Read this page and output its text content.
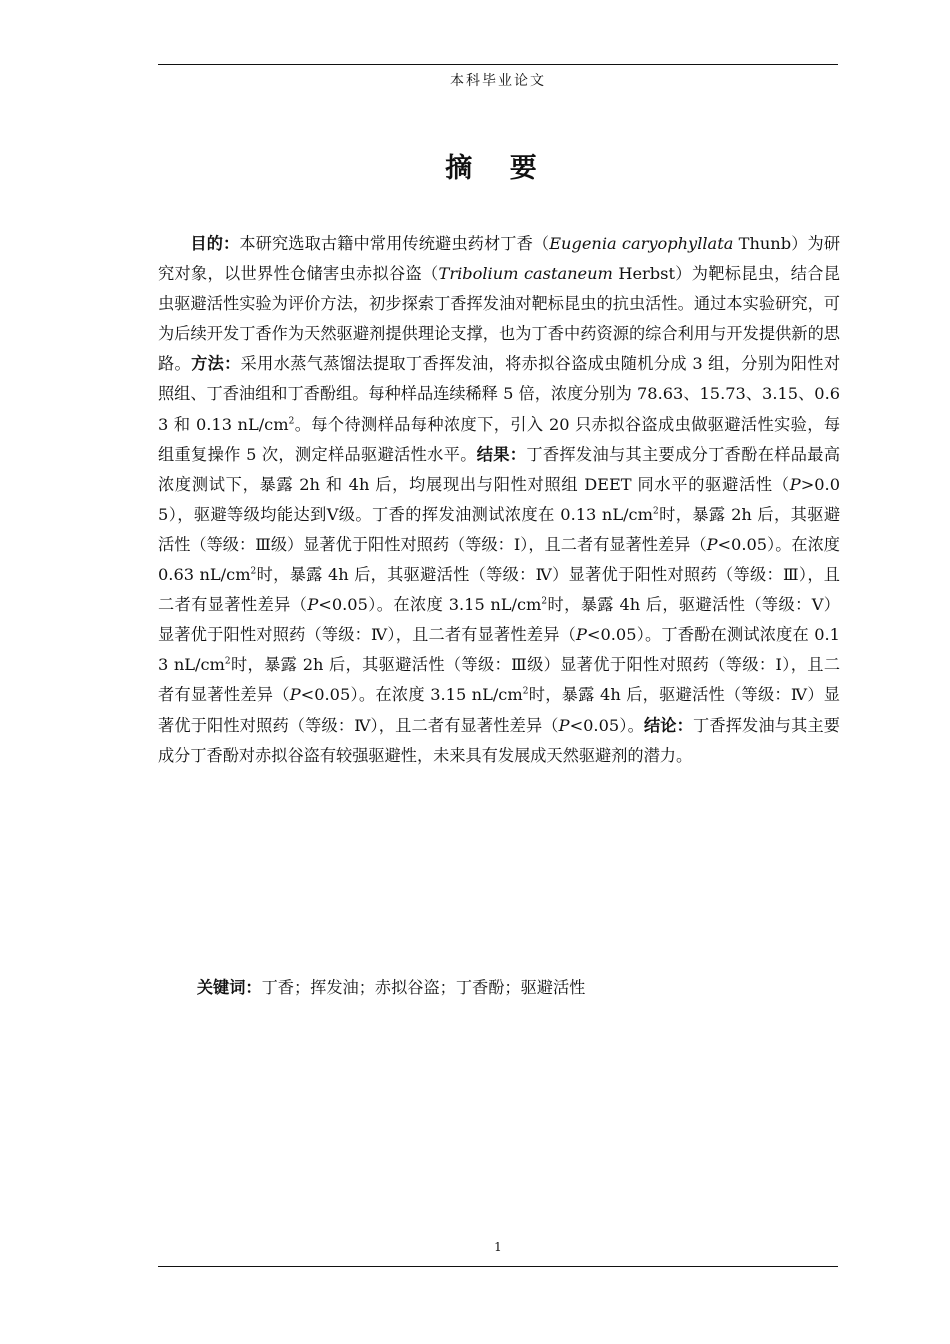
本科毕业论文
摘 要

目的：本研究选取古籍中常用传统避虫药材丁香（Eugenia caryophyllata Thunb）为研究对象，以世界性仓储害虫赤拟谷盗（Tribolium castaneum Herbst）为靶标昆虫，结合昆虫驱避活性实验为评价方法，初步探索丁香挥发油对靶标昆虫的抗虫活性。通过本实验研究，可为后续开发丁香作为天然驱避剂提供理论支撑，也为丁香中药资源的综合利用与开发提供新的思路。方法：采用水蒸气蒸馏法提取丁香挥发油，将赤拟谷盗成虫随机分成 3 组，分别为阳性对照组、丁香油组和丁香酚组。每种样品连续稀释 5 倍，浓度分别为 78.63、15.73、3.15、0.63 和 0.13 $nL/cm^2$。每个待测样品每种浓度下，引入 20 只赤拟谷盗成虫做驱避活性实验，每组重复操作 5 次，测定样品驱避活性水平。结果：丁香挥发油与其主要成分丁香酚在样品最高浓度测试下，暴露 2h 和 4h 后，均展现出与阳性对照组 DEET 同水平的驱避活性（P>0.05），驱避等级均能达到Ⅴ级。丁香的挥发油测试浓度在 0.13 $nL/cm^2$时，暴露 2h 后，其驱避活性（等级：Ⅲ级）显著优于阳性对照药（等级：Ⅰ），且二者有显著性差异（P<0.05）。在浓度 0.63 $nL/cm^2$时，暴露 4h 后，其驱避活性（等级：Ⅳ）显著优于阳性对照药（等级：Ⅲ），且二者有显著性差异（P<0.05）。在浓度 3.15 $nL/cm^2$时，暴露 4h 后，驱避活性（等级：Ⅴ）显著优于阳性对照药（等级：Ⅳ），且二者有显著性差异（P<0.05）。丁香酚在测试浓度在 0.13 $nL/cm^2$时，暴露 2h 后，其驱避活性（等级：Ⅲ级）显著优于阳性对照药（等级：Ⅰ），且二者有显著性差异（P<0.05）。在浓度 3.15 $nL/cm^2$时，暴露 4h 后，驱避活性（等级：Ⅳ）显著优于阳性对照药（等级：Ⅳ），且二者有显著性差异（P<0.05）。结论：丁香挥发油与其主要成分丁香酚对赤拟谷盗有较强驱避性，未来具有发展成天然驱避剂的潜力。

关键词：丁香；挥发油；赤拟谷盗；丁香酚；驱避活性

1
